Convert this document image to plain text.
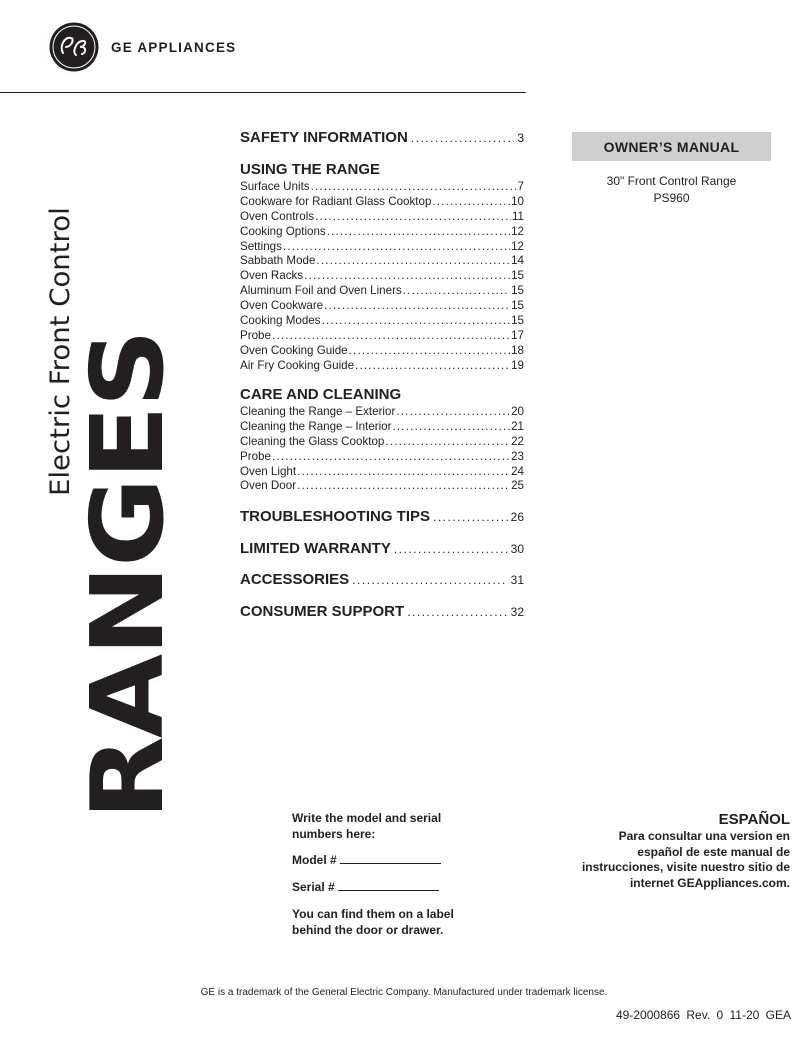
GE APPLIANCES
RANGES
Electric Front Control
SAFETY INFORMATION .....	3
USING THE RANGE
Surface Units .....	7
Cookware for Radiant Glass Cooktop .....	10
Oven Controls .....	11
Cooking Options .....	12
Settings .....	12
Sabbath Mode .....	14
Oven Racks .....	15
Aluminum Foil and Oven Liners .....	15
Oven Cookware .....	15
Cooking Modes .....	15
Probe .....	17
Oven Cooking Guide .....	18
Air Fry Cooking Guide .....	19
CARE AND CLEANING
Cleaning the Range – Exterior .....	20
Cleaning the Range – Interior .....	21
Cleaning the Glass Cooktop .....	22
Probe .....	23
Oven Light .....	24
Oven Door .....	25
TROUBLESHOOTING TIPS .....	26
LIMITED WARRANTY .....	30
ACCESSORIES .....	31
CONSUMER SUPPORT .....	32
OWNER’S MANUAL
30" Front Control Range
PS960
Write the model and serial
numbers here:
Model #
Serial #
You can find them on a label
behind the door or drawer.
ESPAÑOL
Para consultar una version en
español de este manual de
instrucciones, visite nuestro sitio de
internet GEAppliances.com.
GE is a trademark of the General Electric Company. Manufactured under trademark license.
49-2000866 Rev. 0 11-20 GEA
